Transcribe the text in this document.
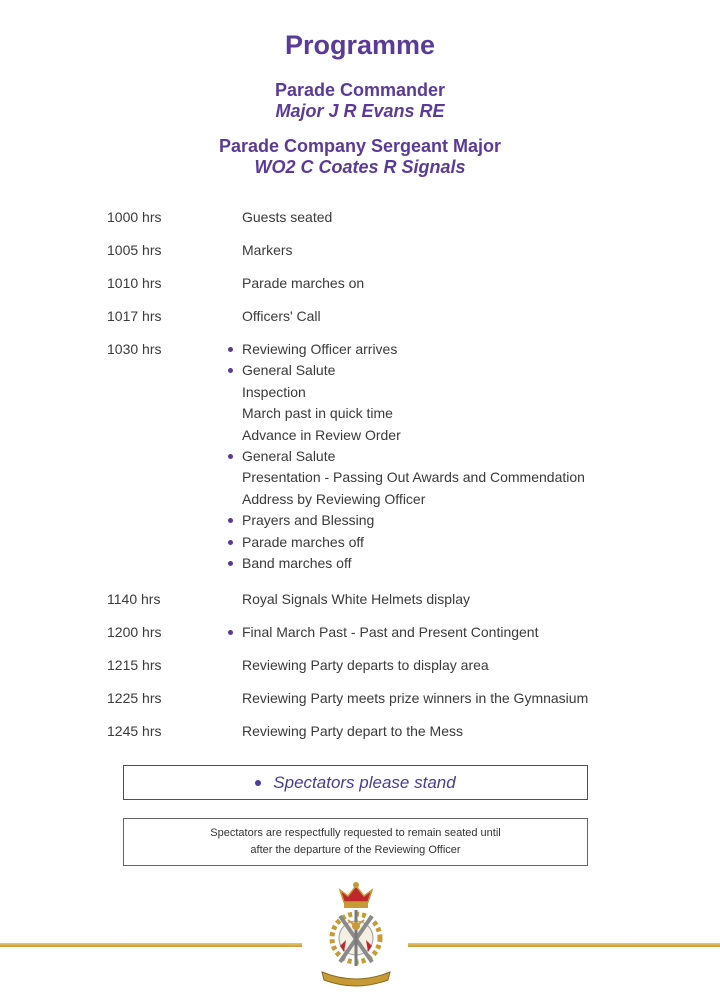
Programme
Parade Commander
Major J R Evans RE
Parade Company Sergeant Major
WO2 C Coates R Signals
1000 hrs	Guests seated
1005 hrs	Markers
1010 hrs	Parade marches on
1017 hrs	Officers' Call
1030 hrs	Reviewing Officer arrives
General Salute
Inspection
March past in quick time
Advance in Review Order
General Salute
Presentation - Passing Out Awards and Commendation
Address by Reviewing Officer
Prayers and Blessing
Parade marches off
Band marches off
1140 hrs	Royal Signals White Helmets display
1200 hrs	Final March Past - Past and Present Contingent
1215 hrs	Reviewing Party departs to display area
1225 hrs	Reviewing Party meets prize winners in the Gymnasium
1245 hrs	Reviewing Party depart to the Mess
Spectators please stand
Spectators are respectfully requested to remain seated until
after the departure of the Reviewing Officer
